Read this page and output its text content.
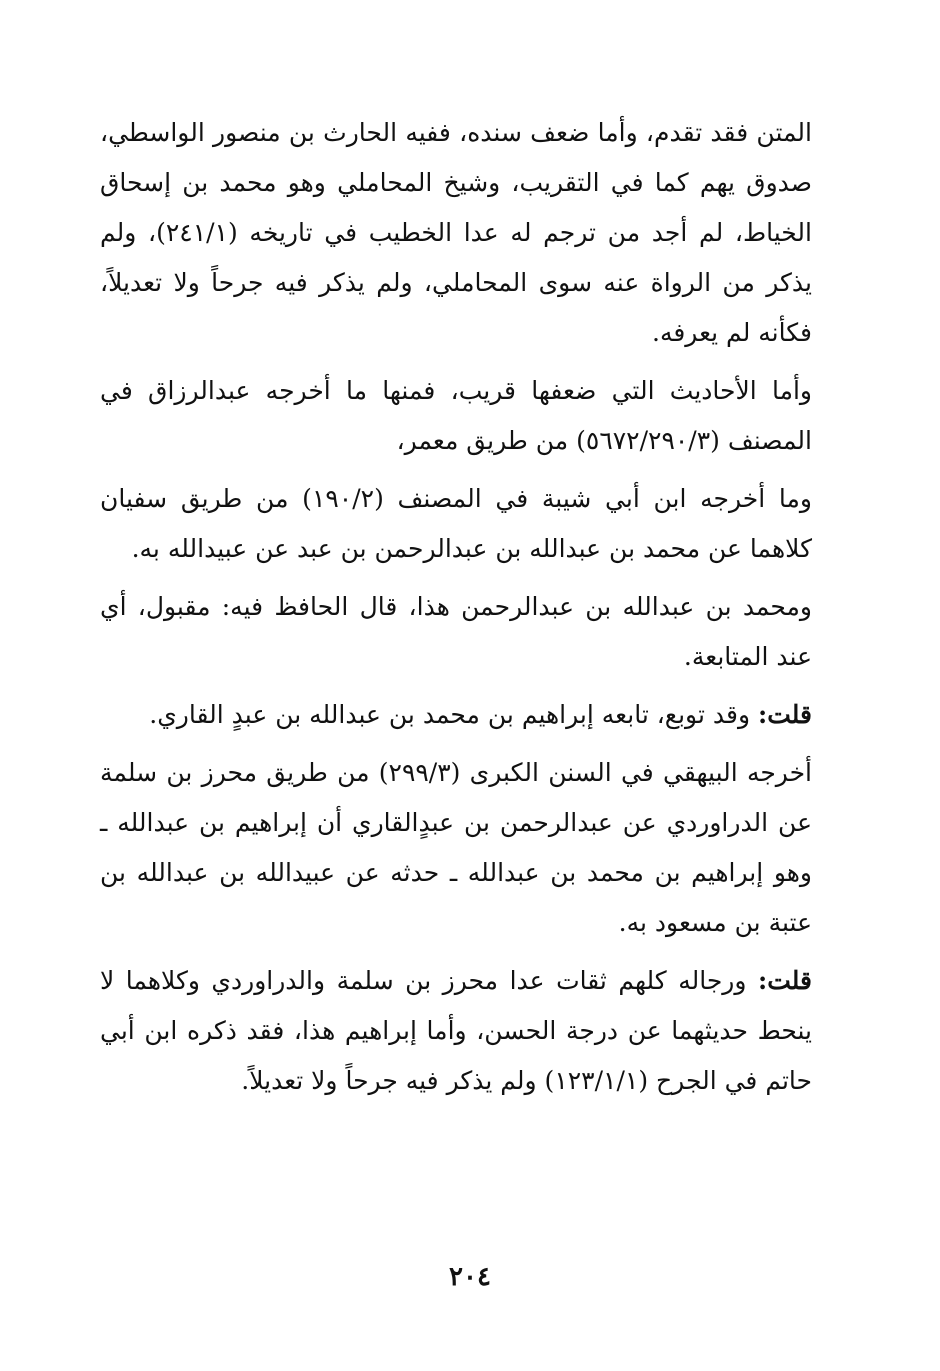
المتن فقد تقدم، وأما ضعف سنده، ففيه الحارث بن منصور الواسطي، صدوق يهم كما في التقريب، وشيخ المحاملي وهو محمد بن إسحاق الخياط، لم أجد من ترجم له عدا الخطيب في تاريخه (٢٤١/١)، ولم يذكر من الرواة عنه سوى المحاملي، ولم يذكر فيه جرحاً ولا تعديلاً، فكأنه لم يعرفه.

وأما الأحاديث التي ضعفها قريب، فمنها ما أخرجه عبدالرزاق في المصنف (٥٦٧٢/٢٩٠/٣) من طريق معمر،

وما أخرجه ابن أبي شيبة في المصنف (١٩٠/٢) من طريق سفيان كلاهما عن محمد بن عبدالله بن عبدالرحمن بن عبد عن عبيدالله به.

ومحمد بن عبدالله بن عبدالرحمن هذا، قال الحافظ فيه: مقبول، أي عند المتابعة.

قلت: وقد توبع، تابعه إبراهيم بن محمد بن عبدالله بن عبدٍ القاري.

أخرجه البيهقي في السنن الكبرى (٢٩٩/٣) من طريق محرز بن سلمة عن الدراوردي عن عبدالرحمن بن عبدٍالقاري أن إبراهيم بن عبدالله ـ وهو إبراهيم بن محمد بن عبدالله ـ حدثه عن عبيدالله بن عبدالله بن عتبة بن مسعود به.

قلت: ورجاله كلهم ثقات عدا محرز بن سلمة والدراوردي وكلاهما لا ينحط حديثهما عن درجة الحسن، وأما إبراهيم هذا، فقد ذكره ابن أبي حاتم في الجرح (١٢٣/١/١) ولم يذكر فيه جرحاً ولا تعديلاً.

٢٠٤
